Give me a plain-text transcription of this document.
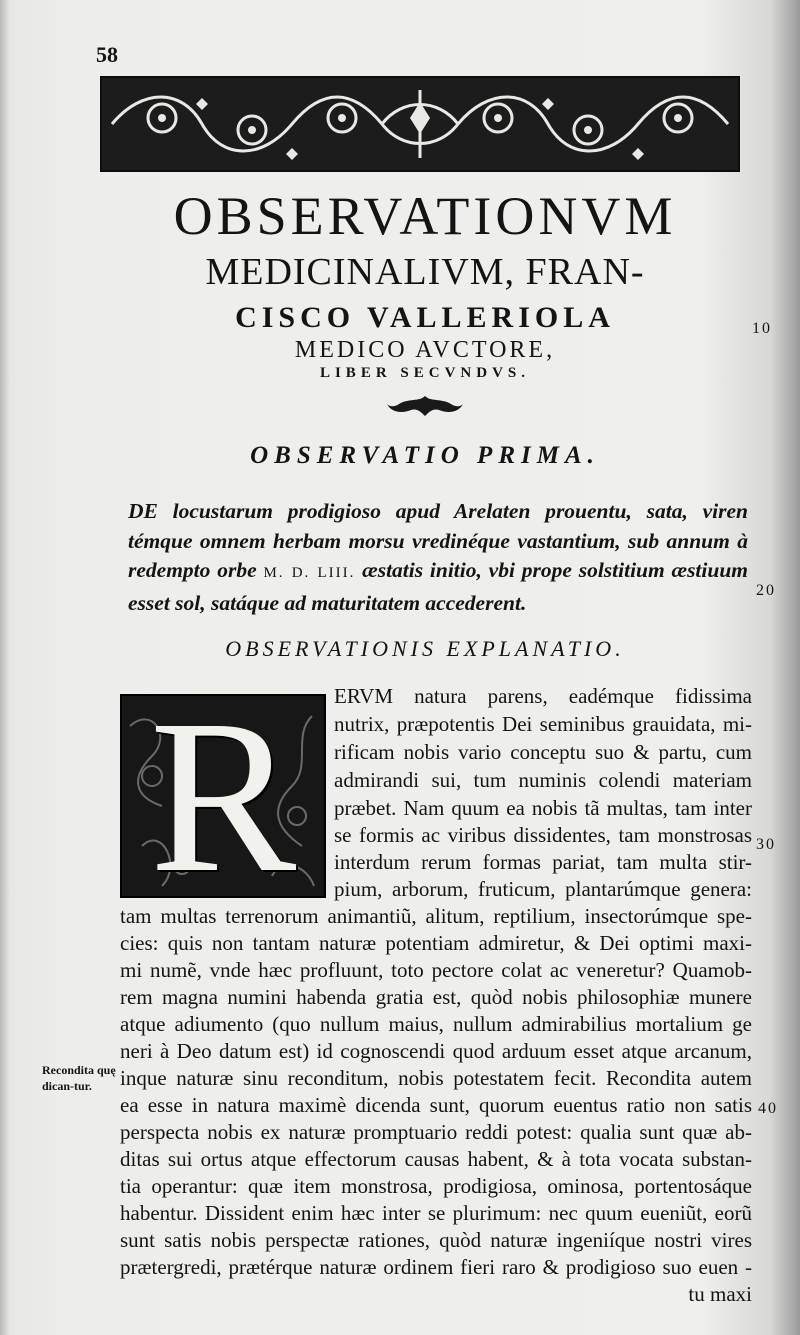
58
OBSERVATIONVM
MEDICINALIVM, FRAN-
CISCO VALLERIOLA
MEDICO AVCTORE,
LIBER SECVNDVS.
OBSERVATIO PRIMA.
DE locustarum prodigioso apud Arelaten prouentu, sata, viren témque omnem herbam morsu vredinéque vastantium, sub annum à redempto orbe M. D. LIII. æstatis initio, vbi prope solstitium æstiuum esset sol, satáque ad maturitatem accederent.
OBSERVATIONIS EXPLANATIO.
10
20
30
40
R	ERVM natura parens, eadémque fidissima
nutrix, præpotentis Dei seminibus grauidata, mi-
rificam nobis vario conceptu suo & partu, cum
admirandi sui, tum numinis colendi materiam
præbet. Nam quum ea nobis tã multas, tam inter
se formis ac viribus dissidentes, tam monstrosas
interdum rerum formas pariat, tam multa stir-
pium, arborum, fruticum, plantarúmque genera:
tam multas terrenorum animantiũ, alitum, reptilium, insectorúmque spe-
cies: quis non tantam naturæ potentiam admiretur, & Dei optimi maxi-
mi numẽ, vnde hæc profluunt, toto pectore colat ac veneretur? Quamob-
rem magna numini habenda gratia est, quòd nobis philosophiæ munere
atque adiumento (quo nullum maius, nullum admirabilius mortalium ge
neri à Deo datum est) id cognoscendi quod arduum esset atque arcanum,
inque naturæ sinu reconditum, nobis potestatem fecit. Recondita autem
ea esse in natura maximè dicenda sunt, quorum euentus ratio non satis
perspecta nobis ex naturæ promptuario reddi potest: qualia sunt quæ ab-
ditas sui ortus atque effectorum causas habent, & à tota vocata substan-
tia operantur: quæ item monstrosa, prodigiosa, ominosa, portentosáque
habentur. Dissident enim hæc inter se plurimum: nec quum eueniũt, eorũ
sunt satis nobis perspectæ rationes, quòd naturæ ingeniíque nostri vires
prætergredi, prætérque naturæ ordinem fieri raro & prodigioso suo euen -
tu maxi
Recondita quę dican-tur.
